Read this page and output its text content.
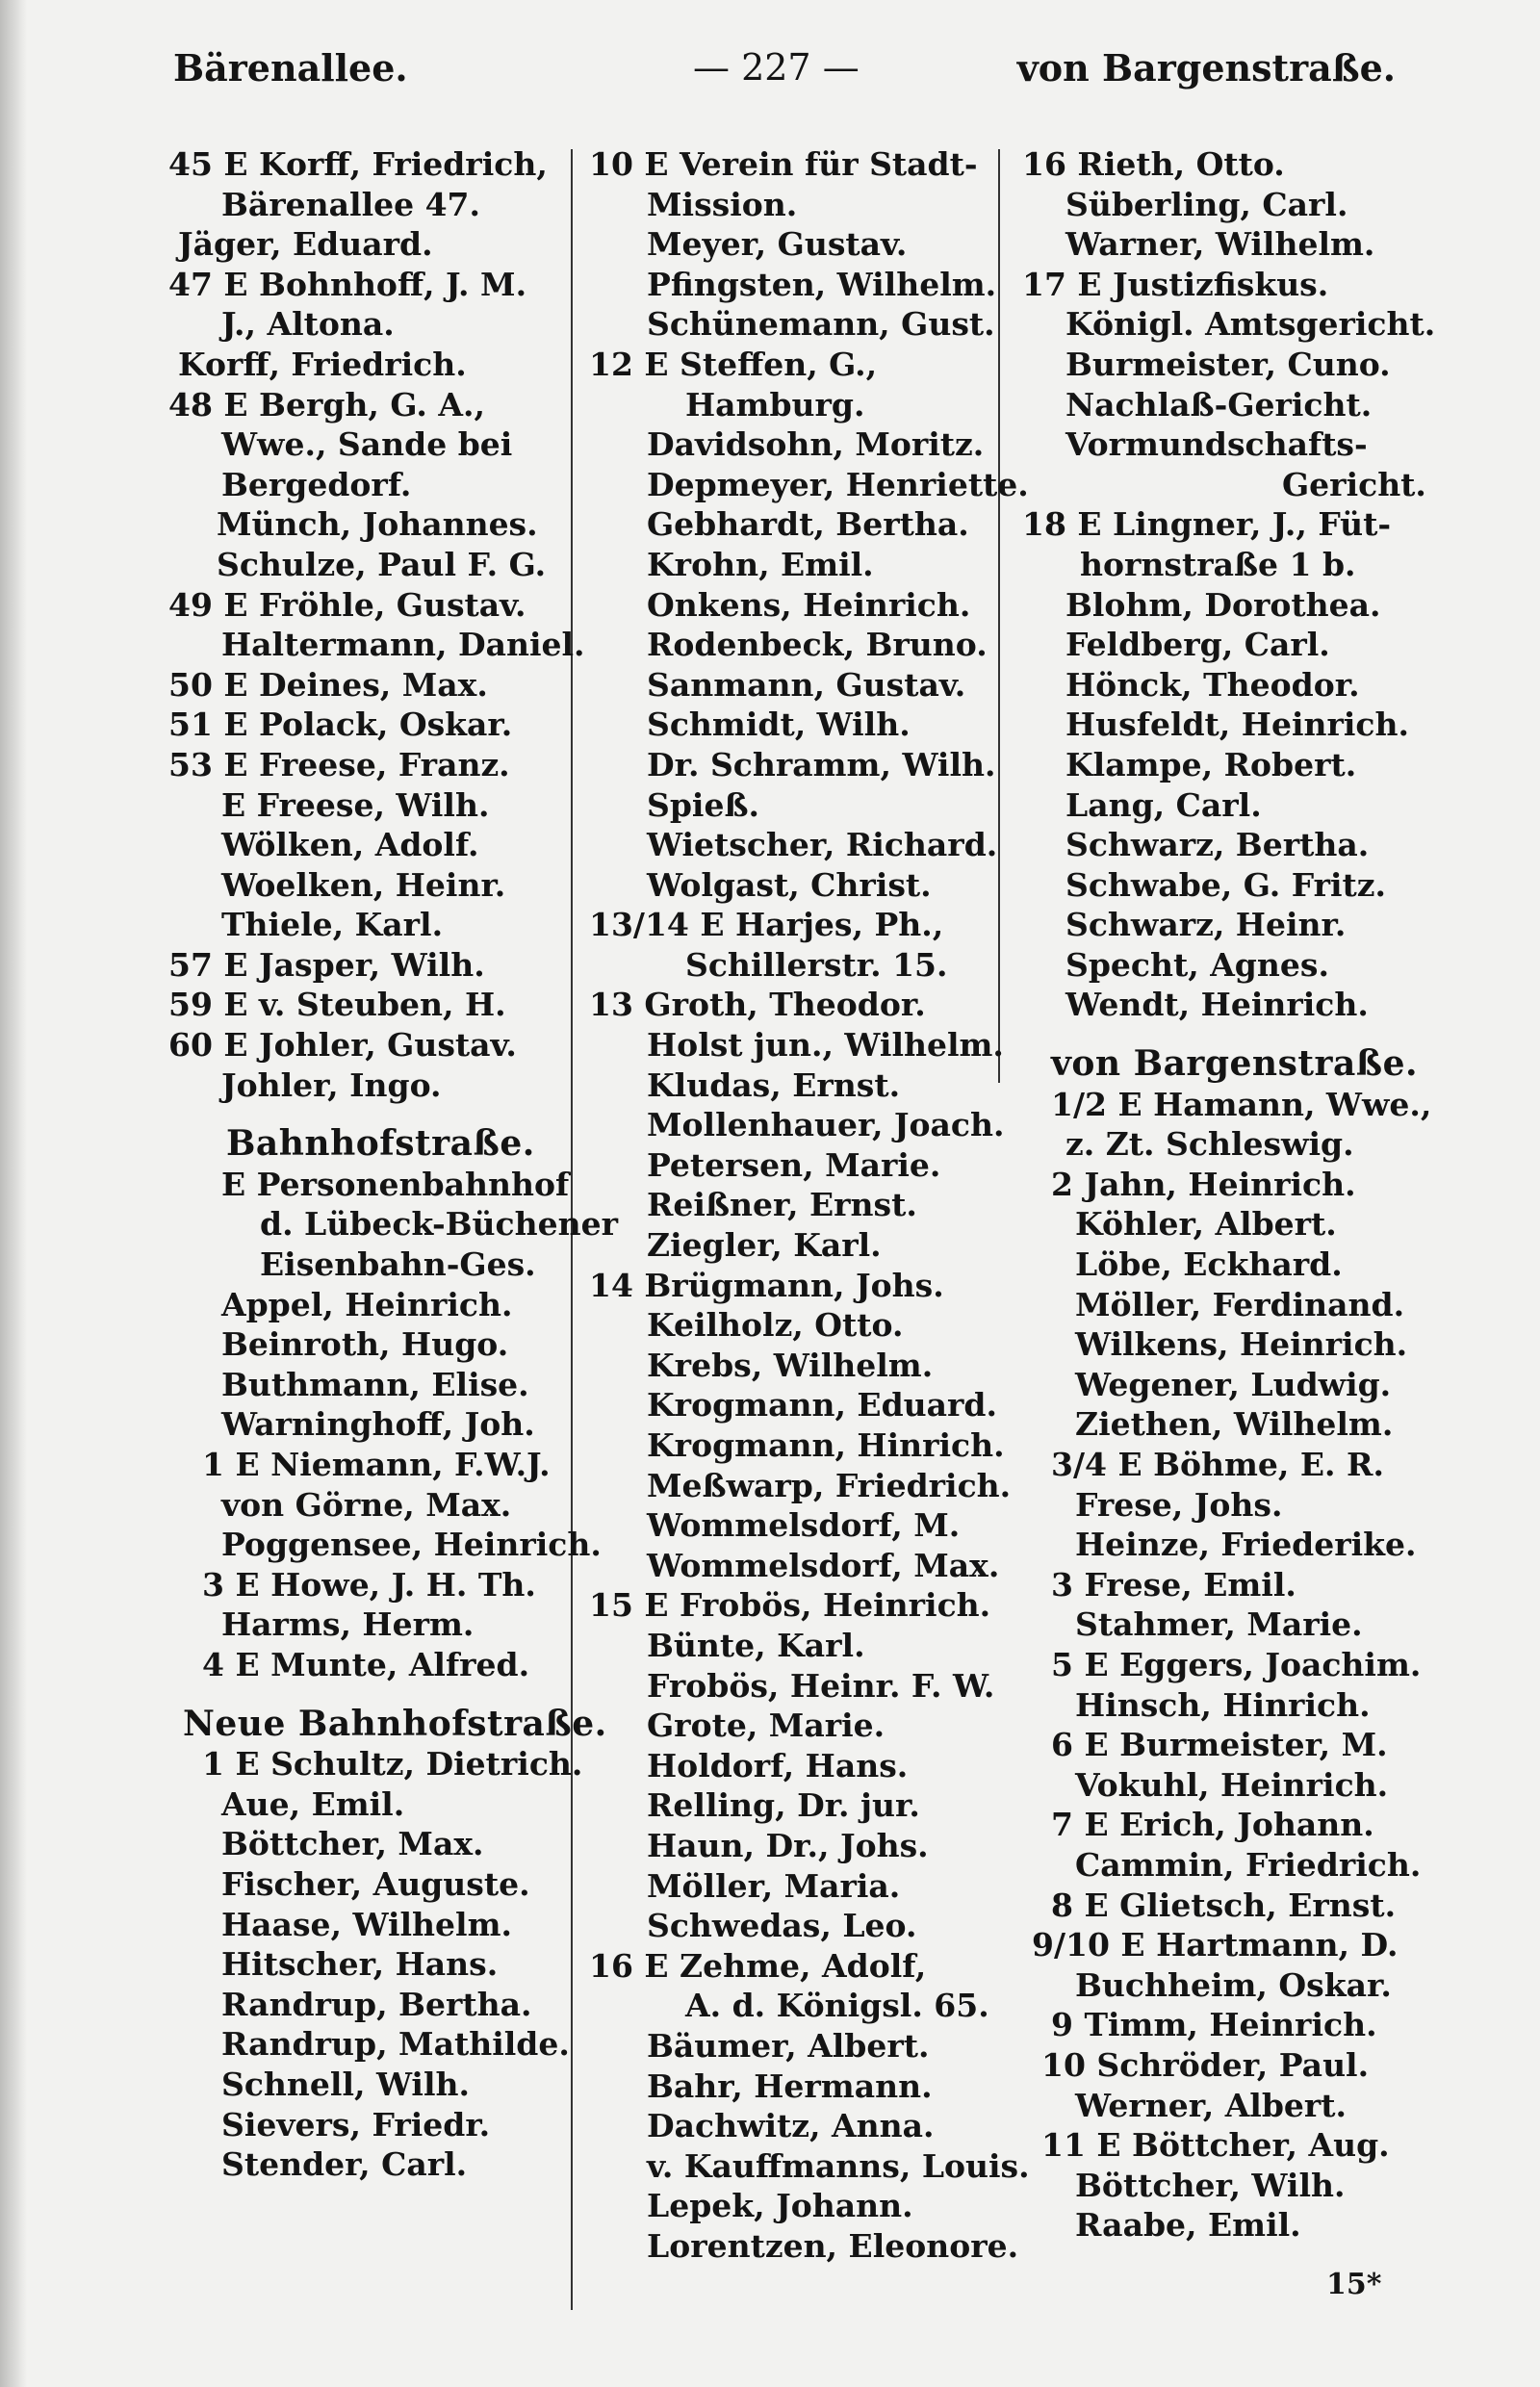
Bärenallee.	— 227 —	von Bargenstraße.
45 E Korff, Friedrich,
Bärenallee 47.
Jäger, Eduard.
47 E Bohnhoff, J. M.
J., Altona.
Korff, Friedrich.
48 E Bergh, G. A.,
Wwe., Sande bei
Bergedorf.
Münch, Johannes.
Schulze, Paul F. G.
49 E Fröhle, Gustav.
Haltermann, Daniel.
50 E Deines, Max.
51 E Polack, Oskar.
53 E Freese, Franz.
E Freese, Wilh.
Wölken, Adolf.
Woelken, Heinr.
Thiele, Karl.
57 E Jasper, Wilh.
59 E v. Steuben, H.
60 E Johler, Gustav.
Johler, Ingo.
Bahnhofstraße.
E Personenbahnhof
d. Lübeck-Büchener
Eisenbahn-Ges.
Appel, Heinrich.
Beinroth, Hugo.
Buthmann, Elise.
Warninghoff, Joh.
1 E Niemann, F.W.J.
von Görne, Max.
Poggensee, Heinrich.
3 E Howe, J. H. Th.
Harms, Herm.
4 E Munte, Alfred.
Neue Bahnhofstraße.
1 E Schultz, Dietrich.
Aue, Emil.
Böttcher, Max.
Fischer, Auguste.
Haase, Wilhelm.
Hitscher, Hans.
Randrup, Bertha.
Randrup, Mathilde.
Schnell, Wilh.
Sievers, Friedr.
Stender, Carl.
10 E Verein für Stadt-
Mission.
Meyer, Gustav.
Pfingsten, Wilhelm.
Schünemann, Gust.
12 E Steffen, G.,
Hamburg.
Davidsohn, Moritz.
Depmeyer, Henriette.
Gebhardt, Bertha.
Krohn, Emil.
Onkens, Heinrich.
Rodenbeck, Bruno.
Sanmann, Gustav.
Schmidt, Wilh.
Dr. Schramm, Wilh.
Spieß.
Wietscher, Richard.
Wolgast, Christ.
13/14 E Harjes, Ph.,
Schillerstr. 15.
13 Groth, Theodor.
Holst jun., Wilhelm.
Kludas, Ernst.
Mollenhauer, Joach.
Petersen, Marie.
Reißner, Ernst.
Ziegler, Karl.
14 Brügmann, Johs.
Keilholz, Otto.
Krebs, Wilhelm.
Krogmann, Eduard.
Krogmann, Hinrich.
Meßwarp, Friedrich.
Wommelsdorf, M.
Wommelsdorf, Max.
15 E Frobös, Heinrich.
Bünte, Karl.
Frobös, Heinr. F. W.
Grote, Marie.
Holdorf, Hans.
Relling, Dr. jur.
Haun, Dr., Johs.
Möller, Maria.
Schwedas, Leo.
16 E Zehme, Adolf,
A. d. Königsl. 65.
Bäumer, Albert.
Bahr, Hermann.
Dachwitz, Anna.
v. Kauffmanns, Louis.
Lepek, Johann.
Lorentzen, Eleonore.
16 Rieth, Otto.
Süberling, Carl.
Warner, Wilhelm.
17 E Justizfiskus.
Königl. Amtsgericht.
Burmeister, Cuno.
Nachlaß-Gericht.
Vormundschafts-
Gericht.
18 E Lingner, J., Füt-
hornstraße 1 b.
Blohm, Dorothea.
Feldberg, Carl.
Hönck, Theodor.
Husfeldt, Heinrich.
Klampe, Robert.
Lang, Carl.
Schwarz, Bertha.
Schwabe, G. Fritz.
Schwarz, Heinr.
Specht, Agnes.
Wendt, Heinrich.
von Bargenstraße.
1/2 E Hamann, Wwe.,
z. Zt. Schleswig.
2 Jahn, Heinrich.
Köhler, Albert.
Löbe, Eckhard.
Möller, Ferdinand.
Wilkens, Heinrich.
Wegener, Ludwig.
Ziethen, Wilhelm.
3/4 E Böhme, E. R.
Frese, Johs.
Heinze, Friederike.
3 Frese, Emil.
Stahmer, Marie.
5 E Eggers, Joachim.
Hinsch, Hinrich.
6 E Burmeister, M.
Vokuhl, Heinrich.
7 E Erich, Johann.
Cammin, Friedrich.
8 E Glietsch, Ernst.
9/10 E Hartmann, D.
Buchheim, Oskar.
9 Timm, Heinrich.
10 Schröder, Paul.
Werner, Albert.
11 E Böttcher, Aug.
Böttcher, Wilh.
Raabe, Emil.
15*
